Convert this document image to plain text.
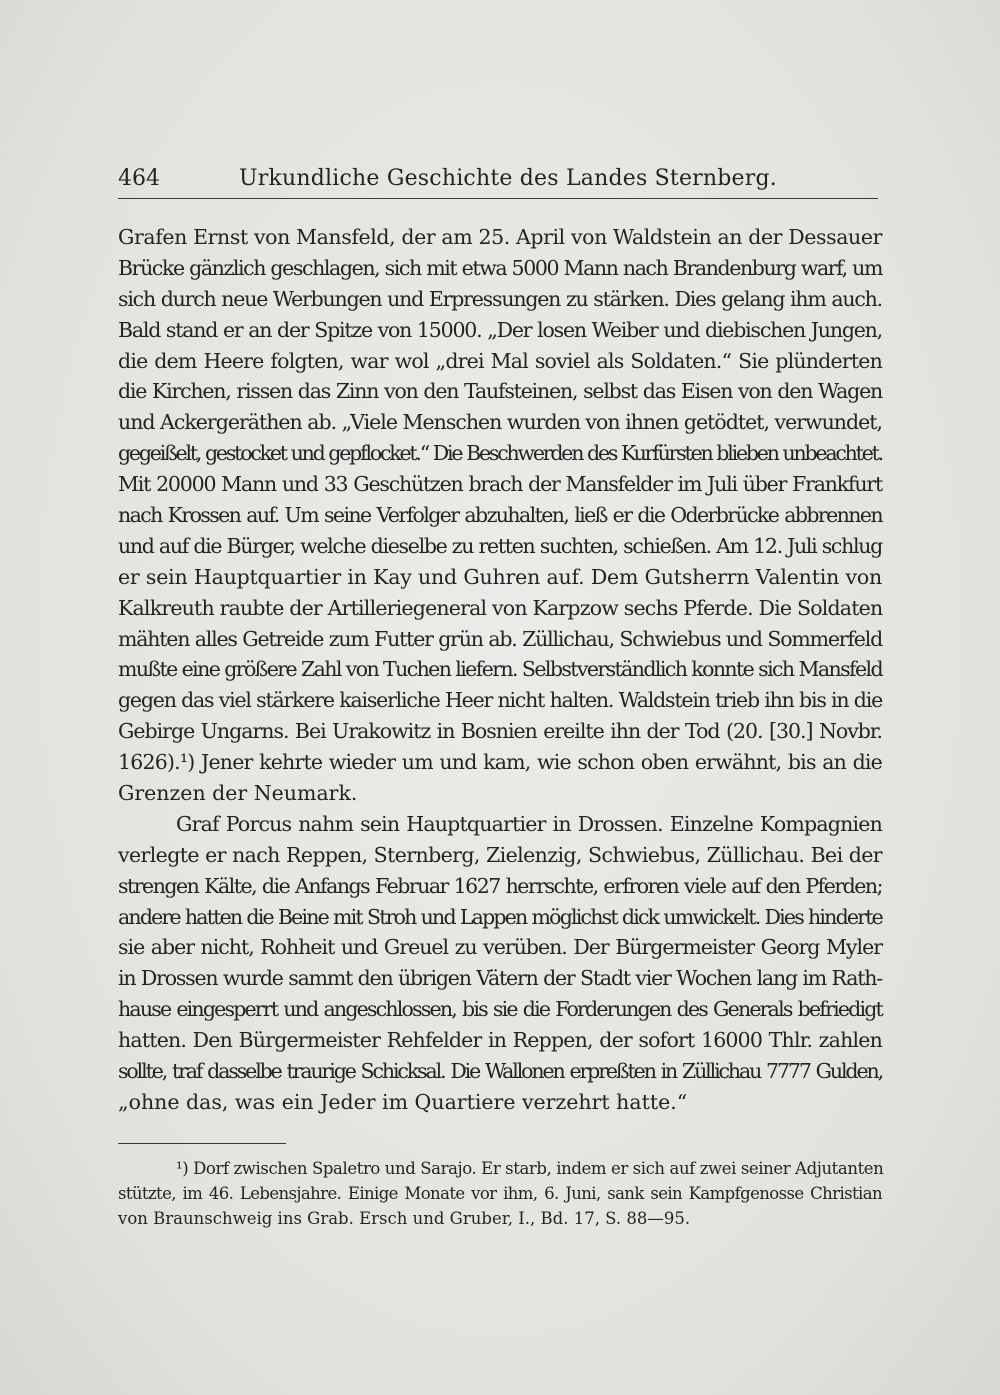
464	Urkundliche Geschichte des Landes Sternberg.
Grafen Ernst von Mansfeld, der am 25. April von Waldstein an der Dessauer
Brücke gänzlich geschlagen, sich mit etwa 5000 Mann nach Brandenburg warf, um
sich durch neue Werbungen und Erpressungen zu stärken. Dies gelang ihm auch.
Bald stand er an der Spitze von 15000. „Der losen Weiber und diebischen Jungen,
die dem Heere folgten, war wol „drei Mal soviel als Soldaten.“ Sie plünderten
die Kirchen, rissen das Zinn von den Taufsteinen, selbst das Eisen von den Wagen
und Ackergeräthen ab. „Viele Menschen wurden von ihnen getödtet, verwundet,
gegeißelt, gestocket und gepflocket.“ Die Beschwerden des Kurfürsten blieben unbeachtet.
Mit 20000 Mann und 33 Geschützen brach der Mansfelder im Juli über Frankfurt
nach Krossen auf. Um seine Verfolger abzuhalten, ließ er die Oderbrücke abbrennen
und auf die Bürger, welche dieselbe zu retten suchten, schießen. Am 12. Juli schlug
er sein Hauptquartier in Kay und Guhren auf. Dem Gutsherrn Valentin von
Kalkreuth raubte der Artilleriegeneral von Karpzow sechs Pferde. Die Soldaten
mähten alles Getreide zum Futter grün ab. Züllichau, Schwiebus und Sommerfeld
mußte eine größere Zahl von Tuchen liefern. Selbstverständlich konnte sich Mansfeld
gegen das viel stärkere kaiserliche Heer nicht halten. Waldstein trieb ihn bis in die
Gebirge Ungarns. Bei Urakowitz in Bosnien ereilte ihn der Tod (20. [30.] Novbr.
1626).¹) Jener kehrte wieder um und kam, wie schon oben erwähnt, bis an die
Grenzen der Neumark.
Graf Porcus nahm sein Hauptquartier in Drossen. Einzelne Kompagnien
verlegte er nach Reppen, Sternberg, Zielenzig, Schwiebus, Züllichau. Bei der
strengen Kälte, die Anfangs Februar 1627 herrschte, erfroren viele auf den Pferden;
andere hatten die Beine mit Stroh und Lappen möglichst dick umwickelt. Dies hinderte
sie aber nicht, Rohheit und Greuel zu verüben. Der Bürgermeister Georg Myler
in Drossen wurde sammt den übrigen Vätern der Stadt vier Wochen lang im Rath-
hause eingesperrt und angeschlossen, bis sie die Forderungen des Generals befriedigt
hatten. Den Bürgermeister Rehfelder in Reppen, der sofort 16000 Thlr. zahlen
sollte, traf dasselbe traurige Schicksal. Die Wallonen erpreßten in Züllichau 7777 Gulden,
„ohne das, was ein Jeder im Quartiere verzehrt hatte.“
¹) Dorf zwischen Spaletro und Sarajo. Er starb, indem er sich auf zwei seiner Adjutanten
stützte, im 46. Lebensjahre. Einige Monate vor ihm, 6. Juni, sank sein Kampfgenosse Christian
von Braunschweig ins Grab. Ersch und Gruber, I., Bd. 17, S. 88—95.
